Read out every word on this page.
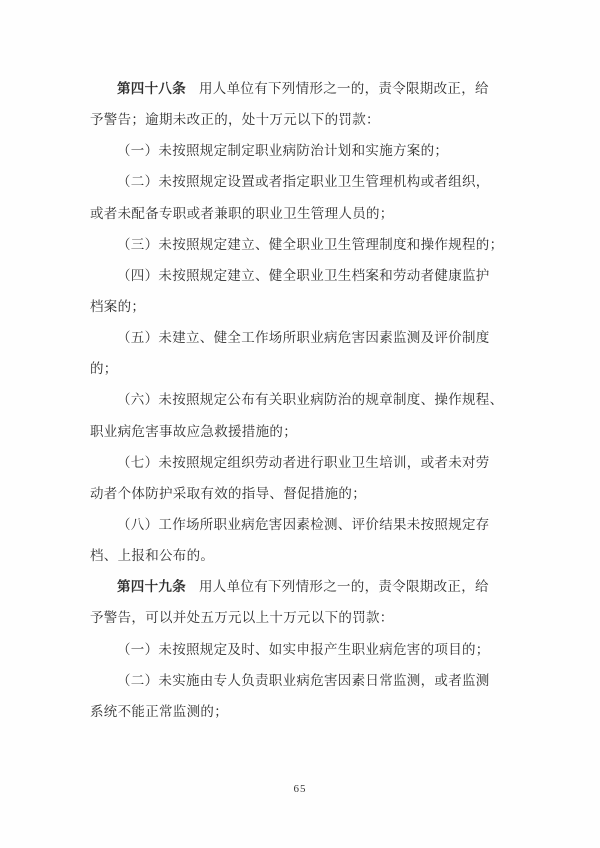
第四十八条 用人单位有下列情形之一的，责令限期改正，给
予警告；逾期未改正的，处十万元以下的罚款：
（一）未按照规定制定职业病防治计划和实施方案的；
（二）未按照规定设置或者指定职业卫生管理机构或者组织，
或者未配备专职或者兼职的职业卫生管理人员的；
（三）未按照规定建立、健全职业卫生管理制度和操作规程的；
（四）未按照规定建立、健全职业卫生档案和劳动者健康监护
档案的；
（五）未建立、健全工作场所职业病危害因素监测及评价制度
的；
（六）未按照规定公布有关职业病防治的规章制度、操作规程、
职业病危害事故应急救援措施的；
（七）未按照规定组织劳动者进行职业卫生培训，或者未对劳
动者个体防护采取有效的指导、督促措施的；
（八）工作场所职业病危害因素检测、评价结果未按照规定存
档、上报和公布的。
第四十九条 用人单位有下列情形之一的，责令限期改正，给
予警告，可以并处五万元以上十万元以下的罚款：
（一）未按照规定及时、如实申报产生职业病危害的项目的；
（二）未实施由专人负责职业病危害因素日常监测，或者监测
系统不能正常监测的；
65
